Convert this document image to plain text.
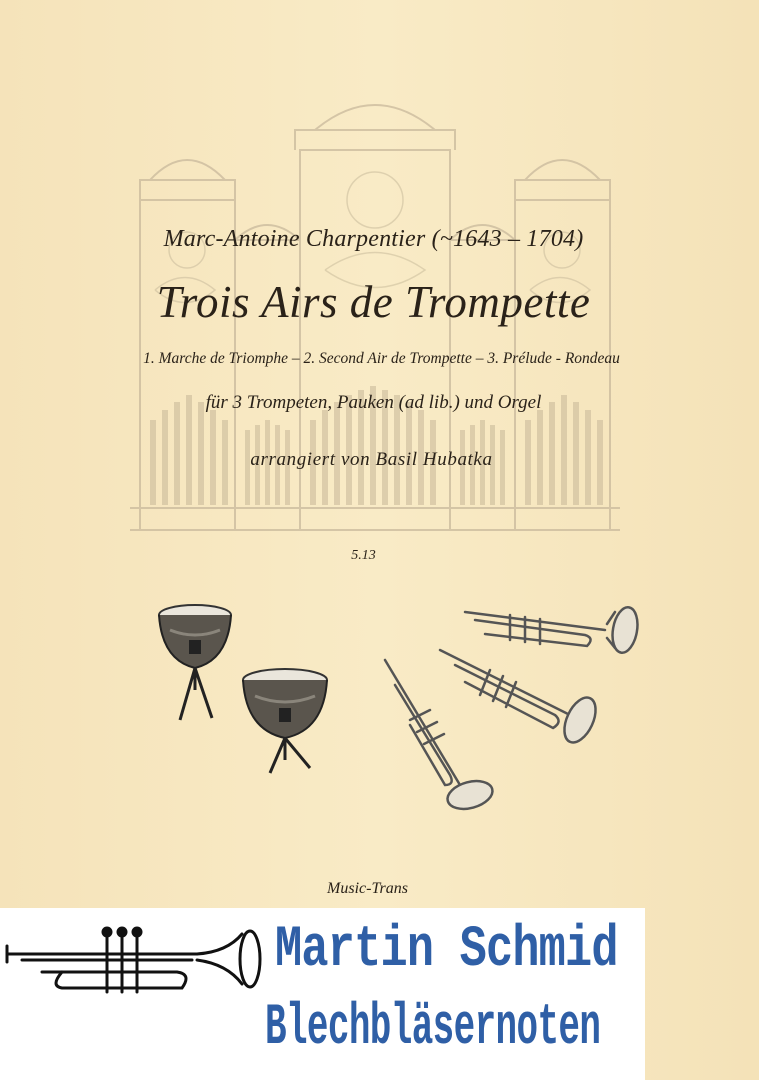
Marc-Antoine Charpentier (~1643 – 1704)
Trois Airs de Trompette
1. Marche de Triomphe – 2. Second Air de Trompette – 3. Prélude - Rondeau
für 3 Trompeten, Pauken (ad lib.) und Orgel
arrangiert von Basil Hubatka
5.13
Music-Trans
Martin Schmid
Blechbläsernoten
